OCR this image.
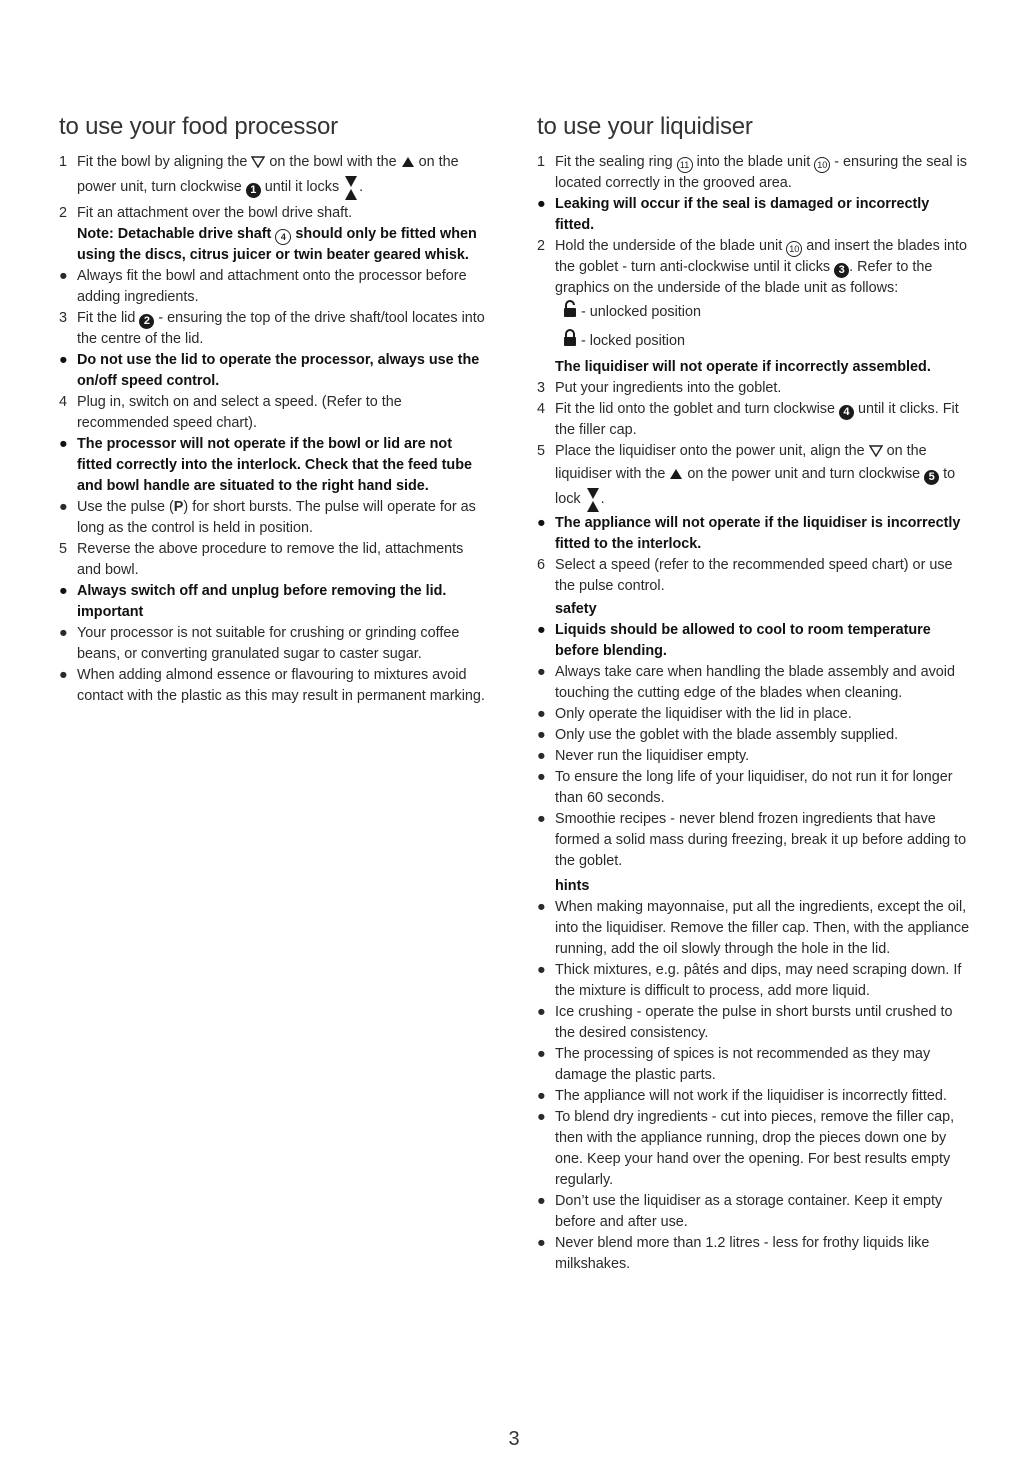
to use your food processor
1 Fit the bowl by aligning the  on the bowl with the  on the power unit, turn clockwise 1 until it locks .
2 Fit an attachment over the bowl drive shaft.
Note: Detachable drive shaft 4 should only be fitted when using the discs, citrus juicer or twin beater geared whisk.
● Always fit the bowl and attachment onto the processor before adding ingredients.
3 Fit the lid 2 - ensuring the top of the drive shaft/tool locates into the centre of the lid.
● Do not use the lid to operate the processor, always use the on/off speed control.
4 Plug in, switch on and select a speed. (Refer to the recommended speed chart).
● The processor will not operate if the bowl or lid are not fitted correctly into the interlock. Check that the feed tube and bowl handle are situated to the right hand side.
● Use the pulse (P) for short bursts. The pulse will operate for as long as the control is held in position.
5 Reverse the above procedure to remove the lid, attachments and bowl.
● Always switch off and unplug before removing the lid.
important
● Your processor is not suitable for crushing or grinding coffee beans, or converting granulated sugar to caster sugar.
● When adding almond essence or flavouring to mixtures avoid contact with the plastic as this may result in permanent marking.
to use your liquidiser
1 Fit the sealing ring 11 into the blade unit 10 - ensuring the seal is located correctly in the grooved area.
● Leaking will occur if the seal is damaged or incorrectly fitted.
2 Hold the underside of the blade unit 10 and insert the blades into the goblet - turn anti-clockwise until it clicks 3 . Refer to the graphics on the underside of the blade unit as follows:
- unlocked position
- locked position
The liquidiser will not operate if incorrectly assembled.
3 Put your ingredients into the goblet.
4 Fit the lid onto the goblet and turn clockwise 4 until it clicks. Fit the filler cap.
5 Place the liquidiser onto the power unit, align the  on the liquidiser with the  on the power unit and turn clockwise 5 to lock .
● The appliance will not operate if the liquidiser is incorrectly fitted to the interlock.
6 Select a speed (refer to the recommended speed chart) or use the pulse control.
safety
● Liquids should be allowed to cool to room temperature before blending.
● Always take care when handling the blade assembly and avoid touching the cutting edge of the blades when cleaning.
● Only operate the liquidiser with the lid in place.
● Only use the goblet with the blade assembly supplied.
● Never run the liquidiser empty.
● To ensure the long life of your liquidiser, do not run it for longer than 60 seconds.
● Smoothie recipes - never blend frozen ingredients that have formed a solid mass during freezing, break it up before adding to the goblet.
hints
● When making mayonnaise, put all the ingredients, except the oil, into the liquidiser. Remove the filler cap. Then, with the appliance running, add the oil slowly through the hole in the lid.
● Thick mixtures, e.g. pâtés and dips, may need scraping down. If the mixture is difficult to process, add more liquid.
● Ice crushing - operate the pulse in short bursts until crushed to the desired consistency.
● The processing of spices is not recommended as they may damage the plastic parts.
● The appliance will not work if the liquidiser is incorrectly fitted.
● To blend dry ingredients - cut into pieces, remove the filler cap, then with the appliance running, drop the pieces down one by one. Keep your hand over the opening. For best results empty regularly.
● Don’t use the liquidiser as a storage container. Keep it empty before and after use.
● Never blend more than 1.2 litres - less for frothy liquids like milkshakes.
3
